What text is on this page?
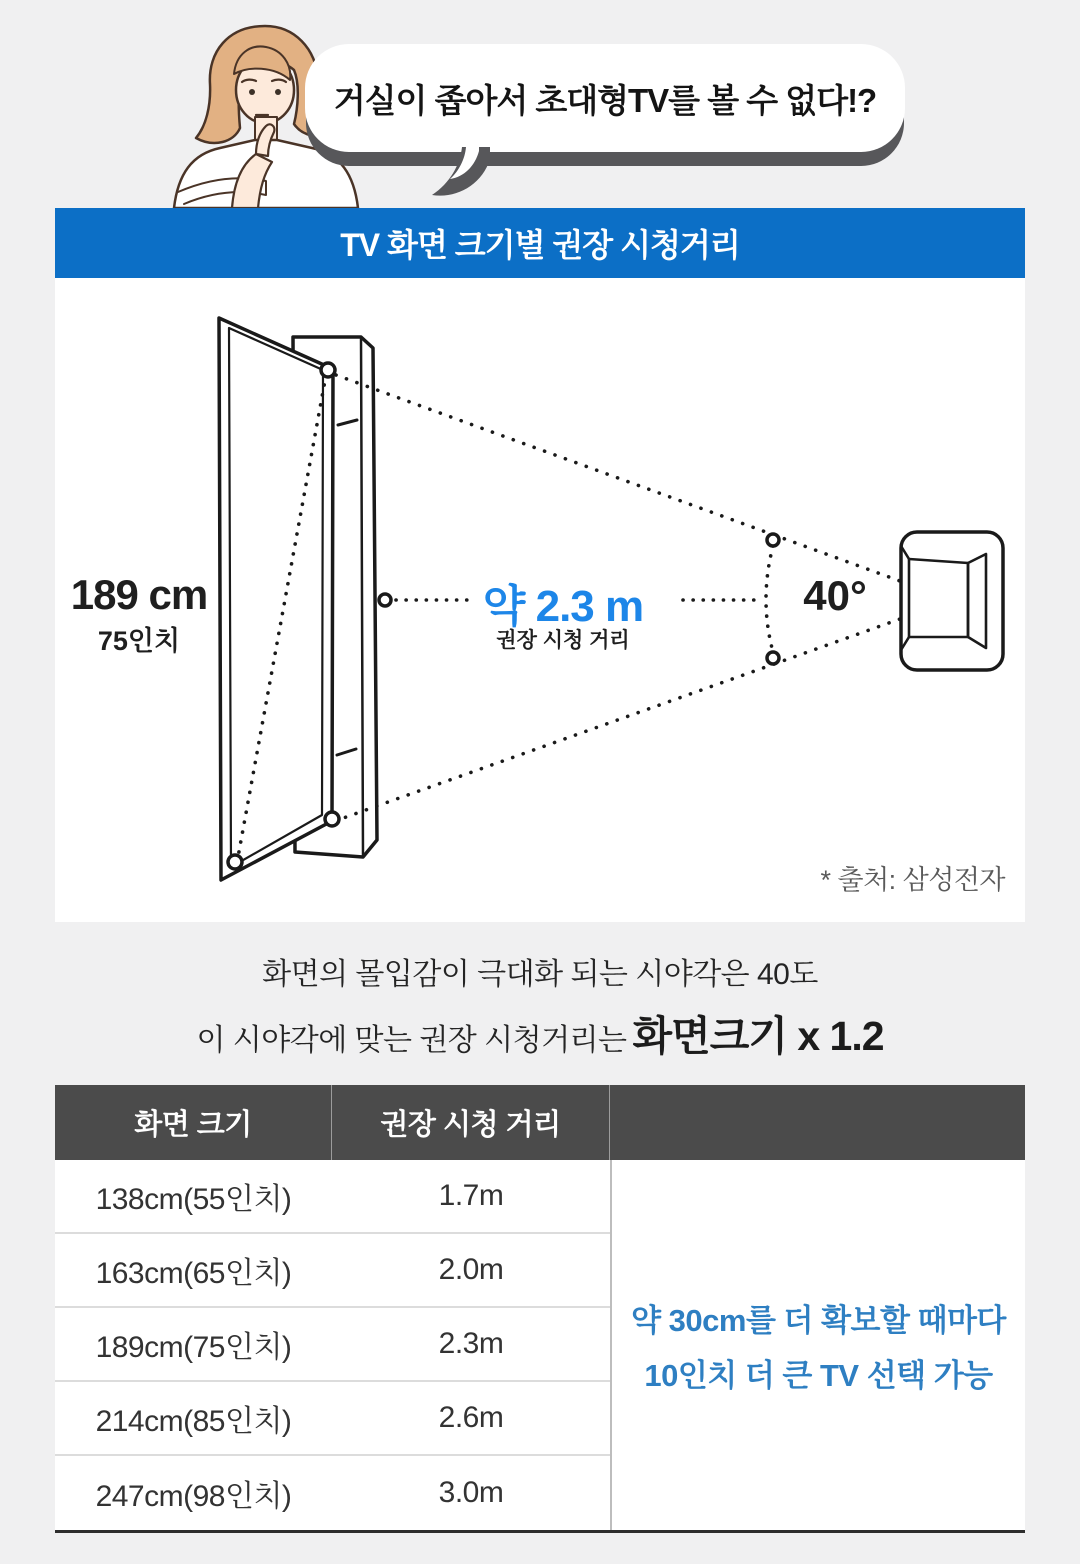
거실이 좁아서 초대형TV를 볼 수 없다!?
TV 화면 크기별 권장 시청거리
189 cm
75인치
약 2.3 m
권장 시청 거리
40°
* 출처: 삼성전자
화면의 몰입감이 극대화 되는 시야각은 40도
이 시야각에 맞는 권장 시청거리는 화면크기 x 1.2
화면 크기	권장 시청 거리
약 30cm를 더 확보할 때마다
10인치 더 큰 TV 선택 가능
138cm(55인치)	1.7m
163cm(65인치)	2.0m
189cm(75인치)	2.3m
214cm(85인치)	2.6m
247cm(98인치)	3.0m
